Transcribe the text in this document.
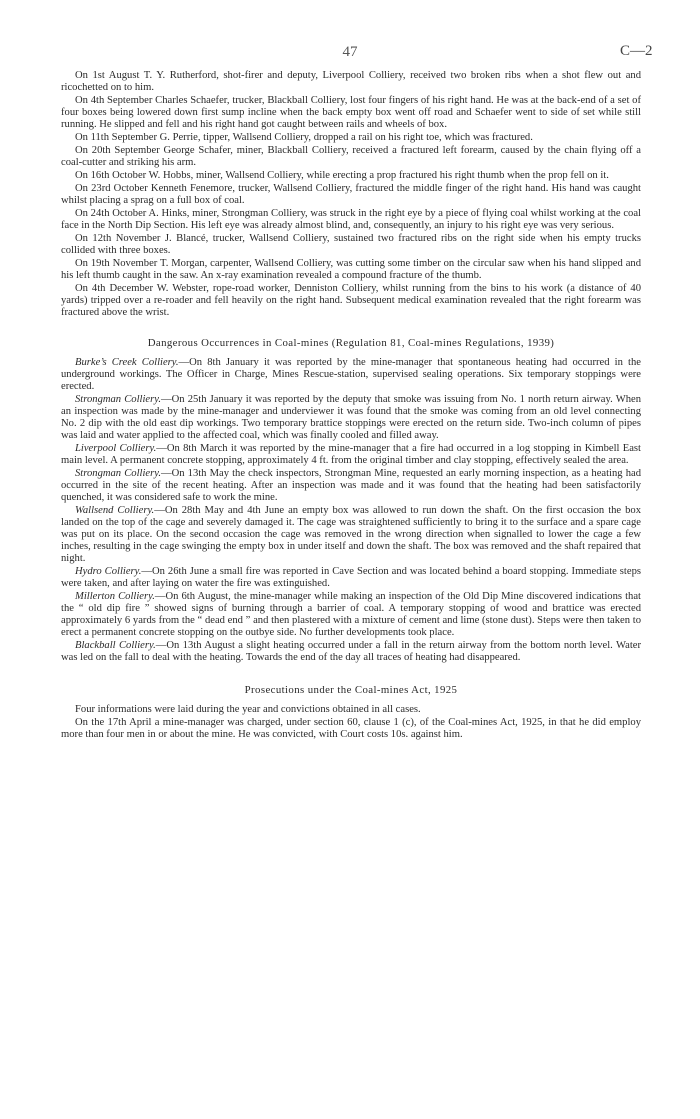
47	C—2

On 1st August T. Y. Rutherford, shot-firer and deputy, Liverpool Colliery, received two broken ribs when a shot flew out and ricochetted on to him.

On 4th September Charles Schaefer, trucker, Blackball Colliery, lost four fingers of his right hand. He was at the back-end of a set of four boxes being lowered down first sump incline when the back empty box went off road and Schaefer went to side of set while still running. He slipped and fell and his right hand got caught between rails and wheels of box.

On 11th September G. Perrie, tipper, Wallsend Colliery, dropped a rail on his right toe, which was fractured.

On 20th September George Schafer, miner, Blackball Colliery, received a fractured left forearm, caused by the chain flying off a coal-cutter and striking his arm.

On 16th October W. Hobbs, miner, Wallsend Colliery, while erecting a prop fractured his right thumb when the prop fell on it.

On 23rd October Kenneth Fenemore, trucker, Wallsend Colliery, fractured the middle finger of the right hand. His hand was caught whilst placing a sprag on a full box of coal.

On 24th October A. Hinks, miner, Strongman Colliery, was struck in the right eye by a piece of flying coal whilst working at the coal face in the North Dip Section. His left eye was already almost blind, and, consequently, an injury to his right eye was very serious.

On 12th November J. Blancé, trucker, Wallsend Colliery, sustained two fractured ribs on the right side when his empty trucks collided with three boxes.

On 19th November T. Morgan, carpenter, Wallsend Colliery, was cutting some timber on the circular saw when his hand slipped and his left thumb caught in the saw. An x-ray examination revealed a compound fracture of the thumb.

On 4th December W. Webster, rope-road worker, Denniston Colliery, whilst running from the bins to his work (a distance of 40 yards) tripped over a re-roader and fell heavily on the right hand. Subsequent medical examination revealed that the right forearm was fractured above the wrist.

Dangerous Occurrences in Coal-mines (Regulation 81, Coal-mines Regulations, 1939)

Burke’s Creek Colliery.—On 8th January it was reported by the mine-manager that spontaneous heating had occurred in the underground workings. The Officer in Charge, Mines Rescue-station, supervised sealing operations. Six temporary stoppings were erected.

Strongman Colliery.—On 25th January it was reported by the deputy that smoke was issuing from No. 1 north return airway. When an inspection was made by the mine-manager and underviewer it was found that the smoke was coming from an old level connecting No. 2 dip with the old east dip workings. Two temporary brattice stoppings were erected on the return side. Two-inch column of pipes was laid and water applied to the affected coal, which was finally cooled and filled away.

Liverpool Colliery.—On 8th March it was reported by the mine-manager that a fire had occurred in a log stopping in Kimbell East main level. A permanent concrete stopping, approximately 4 ft. from the original timber and clay stopping, effectively sealed the area.

Strongman Colliery.—On 13th May the check inspectors, Strongman Mine, requested an early morning inspection, as a heating had occurred in the site of the recent heating. After an inspection was made and it was found that the heating had been satisfactorily quenched, it was considered safe to work the mine.

Wallsend Colliery.—On 28th May and 4th June an empty box was allowed to run down the shaft. On the first occasion the box landed on the top of the cage and severely damaged it. The cage was straightened sufficiently to bring it to the surface and a spare cage was put on its place. On the second occasion the cage was removed in the wrong direction when signalled to lower the cage a few inches, resulting in the cage swinging the empty box in under itself and down the shaft. The box was removed and the shaft repaired that night.

Hydro Colliery.—On 26th June a small fire was reported in Cave Section and was located behind a board stopping. Immediate steps were taken, and after laying on water the fire was extinguished.

Millerton Colliery.—On 6th August, the mine-manager while making an inspection of the Old Dip Mine discovered indications that the “ old dip fire ” showed signs of burning through a barrier of coal. A temporary stopping of wood and brattice was erected approximately 6 yards from the “ dead end ” and then plastered with a mixture of cement and lime (stone dust). Steps were then taken to erect a permanent concrete stopping on the outbye side. No further developments took place.

Blackball Colliery.—On 13th August a slight heating occurred under a fall in the return airway from the bottom north level. Water was led on the fall to deal with the heating. Towards the end of the day all traces of heating had disappeared.

Prosecutions under the Coal-mines Act, 1925

Four informations were laid during the year and convictions obtained in all cases.

On the 17th April a mine-manager was charged, under section 60, clause 1 (c), of the Coal-mines Act, 1925, in that he did employ more than four men in or about the mine. He was convicted, with Court costs 10s. against him.
